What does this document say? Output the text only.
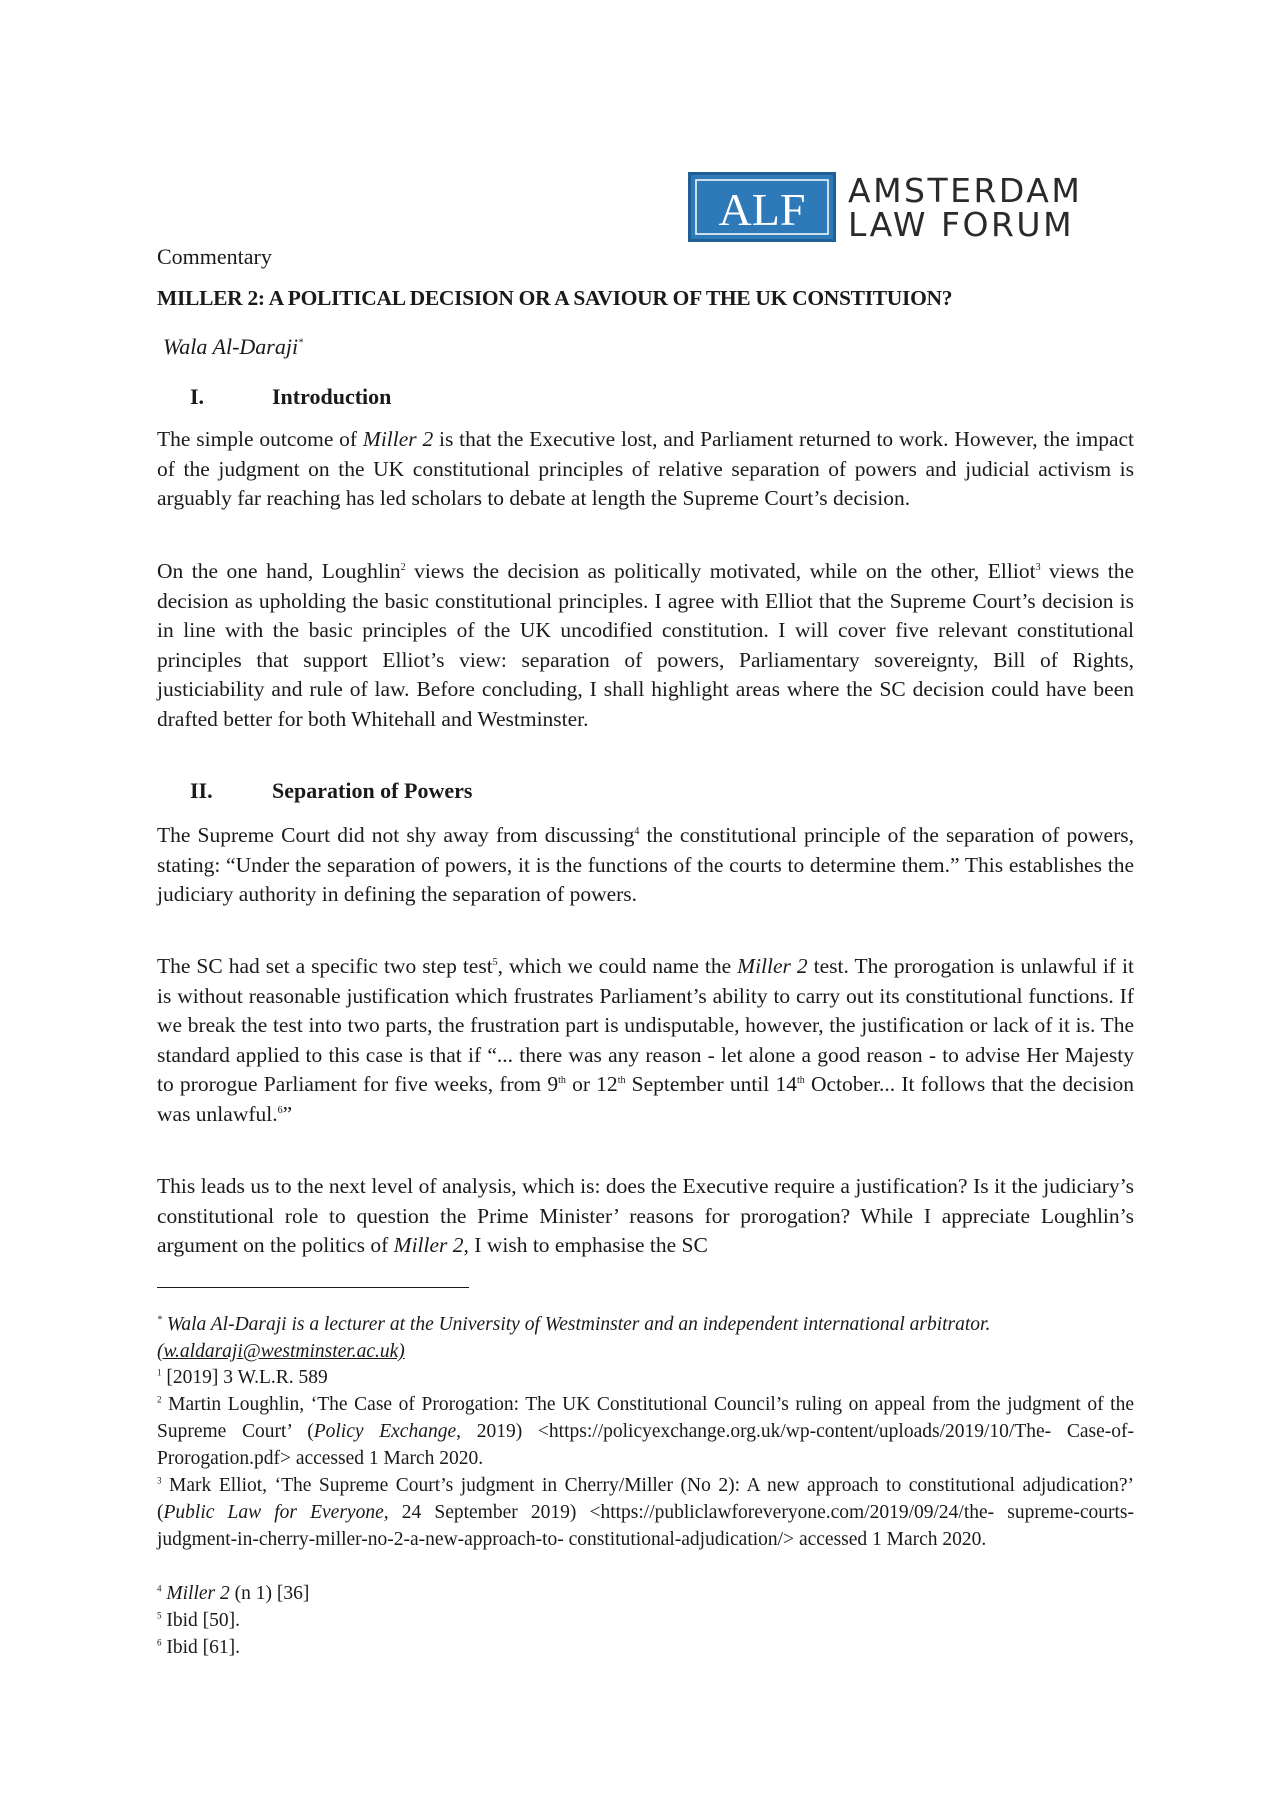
ALF AMSTERDAM
LAW FORUM
Commentary
MILLER 2: A POLITICAL DECISION OR A SAVIOUR OF THE UK CONSTITUION?
Wala Al-Daraji*
I.	Introduction

The simple outcome of Miller 2 is that the Executive lost, and Parliament returned to work. However, the impact of the judgment on the UK constitutional principles of relative separation of powers and judicial activism is arguably far reaching has led scholars to debate at length the Supreme Court’s decision.

On the one hand, Loughlin$^2$ views the decision as politically motivated, while on the other, Elliot$^3$ views the decision as upholding the basic constitutional principles. I agree with Elliot that the Supreme Court’s decision is in line with the basic principles of the UK uncodified constitution. I will cover five relevant constitutional principles that support Elliot’s view: separation of powers, Parliamentary sovereignty, Bill of Rights, justiciability and rule of law. Before concluding, I shall highlight areas where the SC decision could have been drafted better for both Whitehall and Westminster.

II.	Separation of Powers

The Supreme Court did not shy away from discussing$^4$ the constitutional principle of the separation of powers, stating: “Under the separation of powers, it is the functions of the courts to determine them.” This establishes the judiciary authority in defining the separation of powers.

The SC had set a specific two step test$^5$, which we could name the Miller 2 test. The prorogation is unlawful if it is without reasonable justification which frustrates Parliament’s ability to carry out its constitutional functions. If we break the test into two parts, the frustration part is undisputable, however, the justification or lack of it is. The standard applied to this case is that if “... there was any reason - let alone a good reason - to advise Her Majesty to prorogue Parliament for five weeks, from 9th or 12th September until 14th October... It follows that the decision was unlawful.$^6$”

This leads us to the next level of analysis, which is: does the Executive require a justification? Is it the judiciary’s constitutional role to question the Prime Minister’ reasons for prorogation? While I appreciate Loughlin’s argument on the politics of Miller 2, I wish to emphasise the SC

* Wala Al-Daraji is a lecturer at the University of Westminster and an independent international arbitrator. (w.aldaraji@westminster.ac.uk)
$^1$ [2019] 3 W.L.R. 589
$^2$ Martin Loughlin, ‘The Case of Prorogation: The UK Constitutional Council’s ruling on appeal from the judgment of the Supreme Court’ (Policy Exchange, 2019) <https://policyexchange.org.uk/wp-content/uploads/2019/10/The- Case-of-Prorogation.pdf> accessed 1 March 2020.
$^3$ Mark Elliot, ‘The Supreme Court’s judgment in Cherry/Miller (No 2): A new approach to constitutional adjudication?’ (Public Law for Everyone, 24 September 2019) <https://publiclawforeveryone.com/2019/09/24/the- supreme-courts-judgment-in-cherry-miller-no-2-a-new-approach-to- constitutional-adjudication/> accessed 1 March 2020.
$^4$ Miller 2 (n 1) [36]
$^5$ Ibid [50].
$^6$ Ibid [61].
